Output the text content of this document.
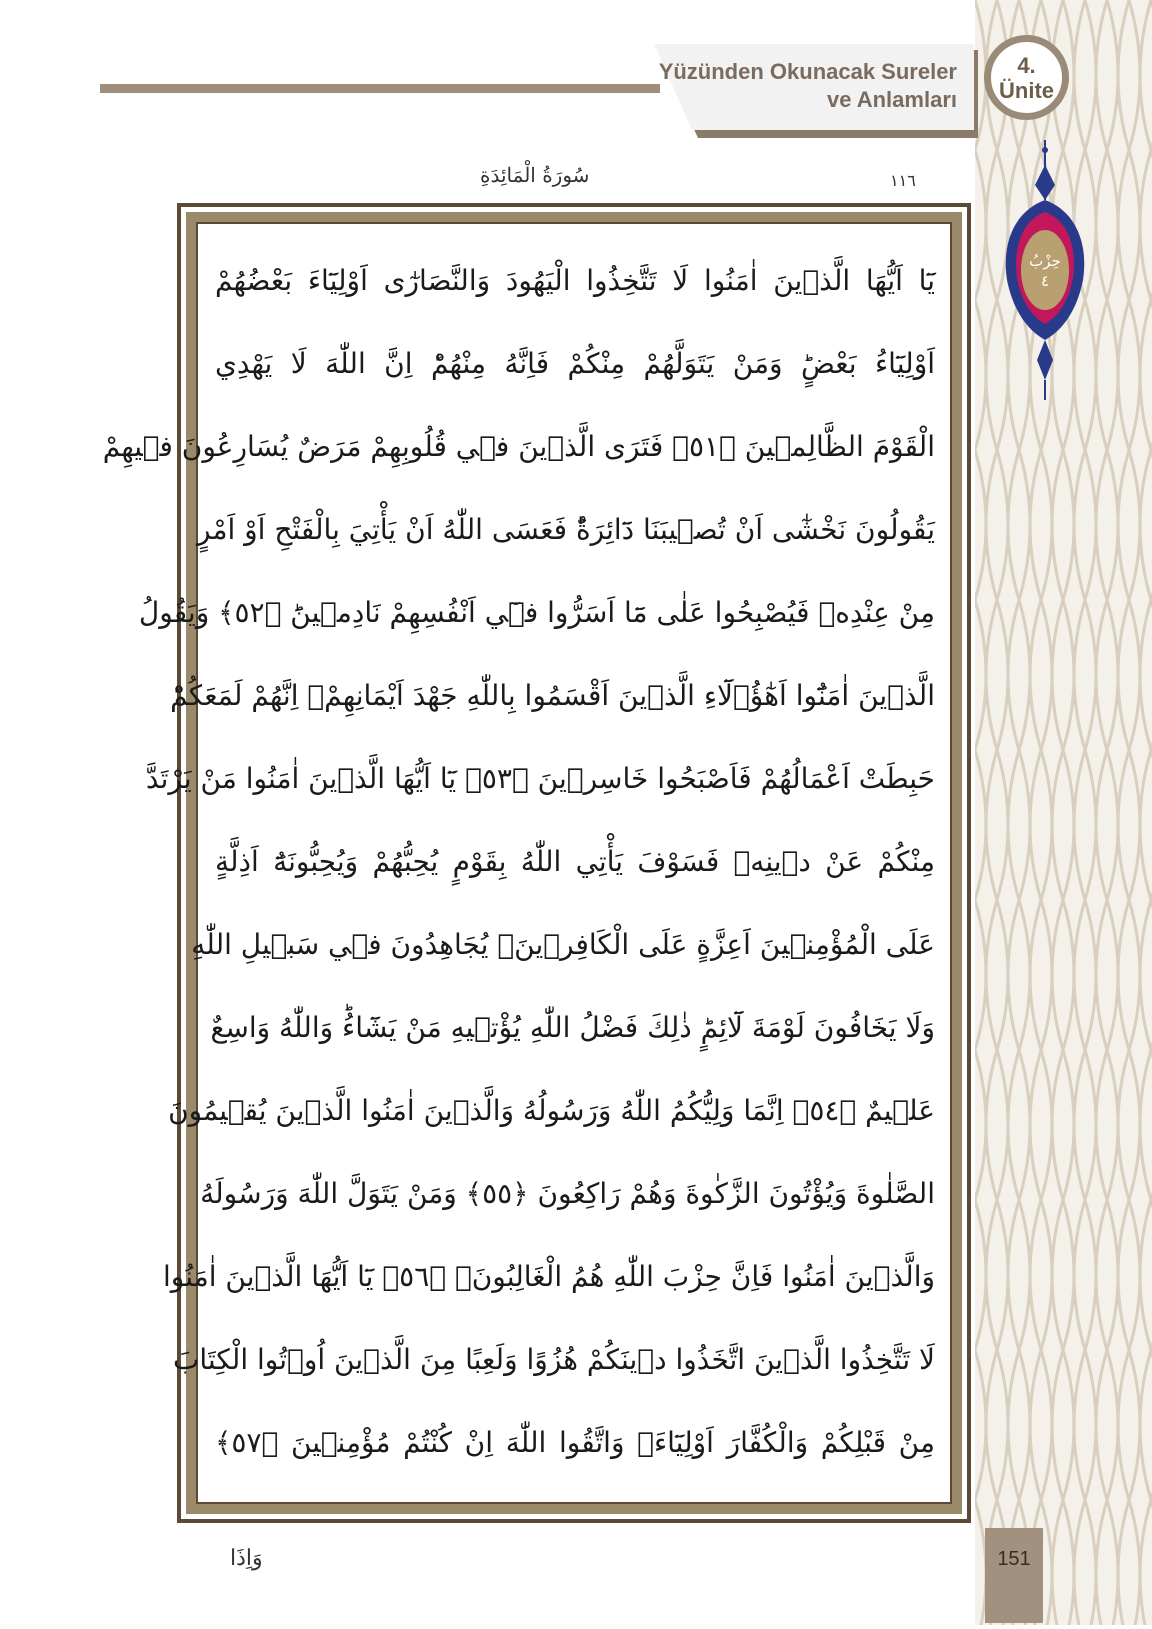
Yüzünden Okunacak Sureler
ve Anlamları
4.
Ünite
حِزْبُ
٤
سُورَةُ الْمَائِدَةِ	١١٦
يَٓا اَيُّهَا الَّذ۪ينَ اٰمَنُوا لَا تَتَّخِذُوا الْيَهُودَ وَالنَّصَارٰٓى اَوْلِيَٓاءَ بَعْضُهُمْ
اَوْلِيَٓاءُ بَعْضٍؕ وَمَنْ يَتَوَلَّهُمْ مِنْكُمْ فَاِنَّهُ مِنْهُمْؕ اِنَّ اللّٰهَ لَا يَهْدِي
الْقَوْمَ الظَّالِم۪ينَ ﴿٥١﴾ فَتَرَى الَّذ۪ينَ ف۪ي قُلُوبِهِمْ مَرَضٌ يُسَارِعُونَ ف۪يهِمْ
يَقُولُونَ نَخْشٰٓى اَنْ تُص۪يبَنَا دَٓائِرَةٌؕ فَعَسَى اللّٰهُ اَنْ يَأْتِيَ بِالْفَتْحِ اَوْ اَمْرٍ
مِنْ عِنْدِه۪ فَيُصْبِحُوا عَلٰى مَٓا اَسَرُّوا ف۪ٓي اَنْفُسِهِمْ نَادِم۪ينَؕ ﴿٥٢﴾ وَيَقُولُ
الَّذ۪ينَ اٰمَنُٓوا اَهٰٓؤُ۬لَٓاءِ الَّذ۪ينَ اَقْسَمُوا بِاللّٰهِ جَهْدَ اَيْمَانِهِمْۙ اِنَّهُمْ لَمَعَكُمْؕ
حَبِطَتْ اَعْمَالُهُمْ فَاَصْبَحُوا خَاسِر۪ينَ ﴿٥٣﴾ يَٓا اَيُّهَا الَّذ۪ينَ اٰمَنُوا مَنْ يَرْتَدَّ
مِنْكُمْ عَنْ د۪ينِه۪ فَسَوْفَ يَأْتِي اللّٰهُ بِقَوْمٍ يُحِبُّهُمْ وَيُحِبُّونَهُٓ اَذِلَّةٍ
عَلَى الْمُؤْمِن۪ينَ اَعِزَّةٍ عَلَى الْكَافِر۪ينَۘ يُجَاهِدُونَ ف۪ي سَب۪يلِ اللّٰهِ
وَلَا يَخَافُونَ لَوْمَةَ لَٓائِمٍؕ ذٰلِكَ فَضْلُ اللّٰهِ يُؤْت۪يهِ مَنْ يَشَٓاءُؕ وَاللّٰهُ وَاسِعٌ
عَل۪يمٌ ﴿٥٤﴾ اِنَّمَا وَلِيُّكُمُ اللّٰهُ وَرَسُولُهُ وَالَّذ۪ينَ اٰمَنُوا الَّذ۪ينَ يُق۪يمُونَ
الصَّلٰوةَ وَيُؤْتُونَ الزَّكٰوةَ وَهُمْ رَاكِعُونَ ﴿٥٥﴾ وَمَنْ يَتَوَلَّ اللّٰهَ وَرَسُولَهُ
وَالَّذ۪ينَ اٰمَنُوا فَاِنَّ حِزْبَ اللّٰهِ هُمُ الْغَالِبُونَ۟ ﴿٥٦﴾ يَٓا اَيُّهَا الَّذ۪ينَ اٰمَنُوا
لَا تَتَّخِذُوا الَّذ۪ينَ اتَّخَذُوا د۪ينَكُمْ هُزُوًا وَلَعِبًا مِنَ الَّذ۪ينَ اُو۫تُوا الْكِتَابَ
مِنْ قَبْلِكُمْ وَالْكُفَّارَ اَوْلِيَٓاءَۚ وَاتَّقُوا اللّٰهَ اِنْ كُنْتُمْ مُؤْمِن۪ينَ ﴿٥٧﴾
وَاِذَا	151
